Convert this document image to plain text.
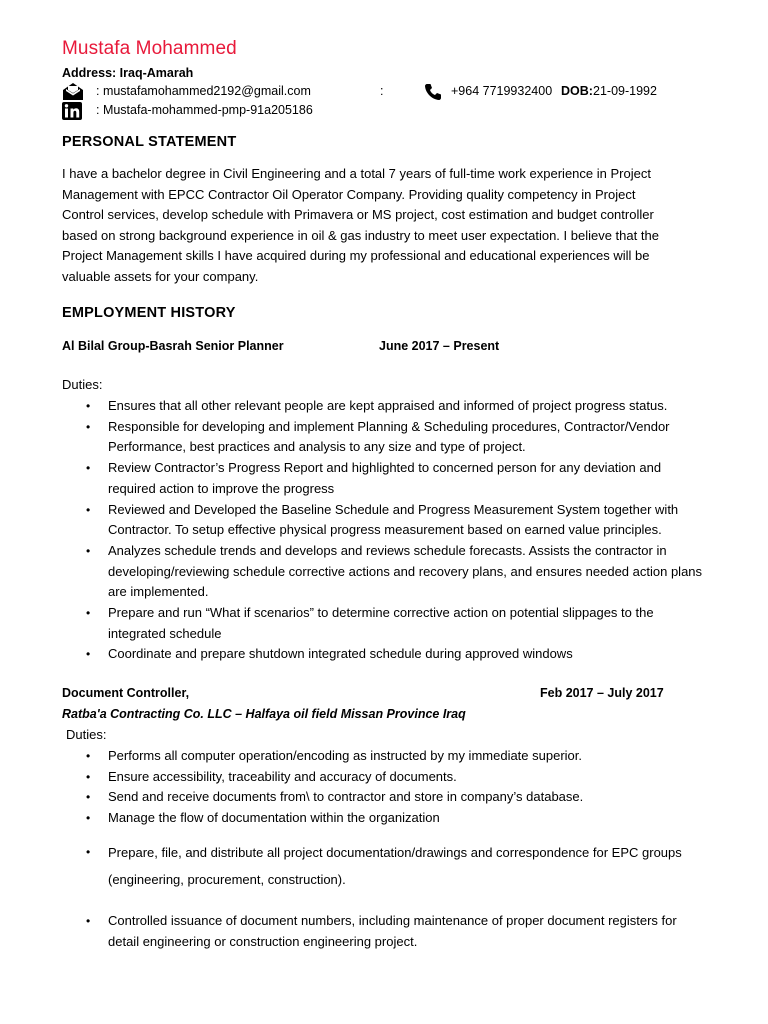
Mustafa Mohammed
Address: Iraq-Amarah
: mustafamohammed2192@gmail.com	:	+964 7719932400 DOB: 21-09-1992
: Mustafa-mohammed-pmp-91a205186
PERSONAL STATEMENT
I have a bachelor degree in Civil Engineering and a total 7 years of full-time work experience in Project
Management with EPCC Contractor Oil Operator Company. Providing quality competency in Project
Control services, develop schedule with Primavera or MS project, cost estimation and budget controller
based on strong background experience in oil & gas industry to meet user expectation. I believe that the
Project Management skills I have acquired during my professional and educational experiences will be
valuable assets for your company.
EMPLOYMENT HISTORY
Al Bilal Group-Basrah Senior Planner	June 2017 – Present
Duties:
• Ensures that all other relevant people are kept appraised and informed of project progress status.
• Responsible for developing and implement Planning & Scheduling procedures, Contractor/Vendor Performance, best practices and analysis to any size and type of project.
• Review Contractor’s Progress Report and highlighted to concerned person for any deviation and required action to improve the progress
• Reviewed and Developed the Baseline Schedule and Progress Measurement System together with Contractor. To setup effective physical progress measurement based on earned value principles.
• Analyzes schedule trends and develops and reviews schedule forecasts. Assists the contractor in developing/reviewing schedule corrective actions and recovery plans, and ensures needed action plans are implemented.
• Prepare and run “What if scenarios” to determine corrective action on potential slippages to the integrated schedule
• Coordinate and prepare shutdown integrated schedule during approved windows
Document Controller,	Feb 2017 – July 2017
Ratba'a Contracting Co. LLC – Halfaya oil field Missan Province Iraq
Duties:
• Performs all computer operation/encoding as instructed by my immediate superior.
• Ensure accessibility, traceability and accuracy of documents.
• Send and receive documents from\ to contractor and store in company’s database.
• Manage the flow of documentation within the organization
• Prepare, file, and distribute all project documentation/drawings and correspondence for EPC groups (engineering, procurement, construction).
• Controlled issuance of document numbers, including maintenance of proper document registers for detail engineering or construction engineering project.
